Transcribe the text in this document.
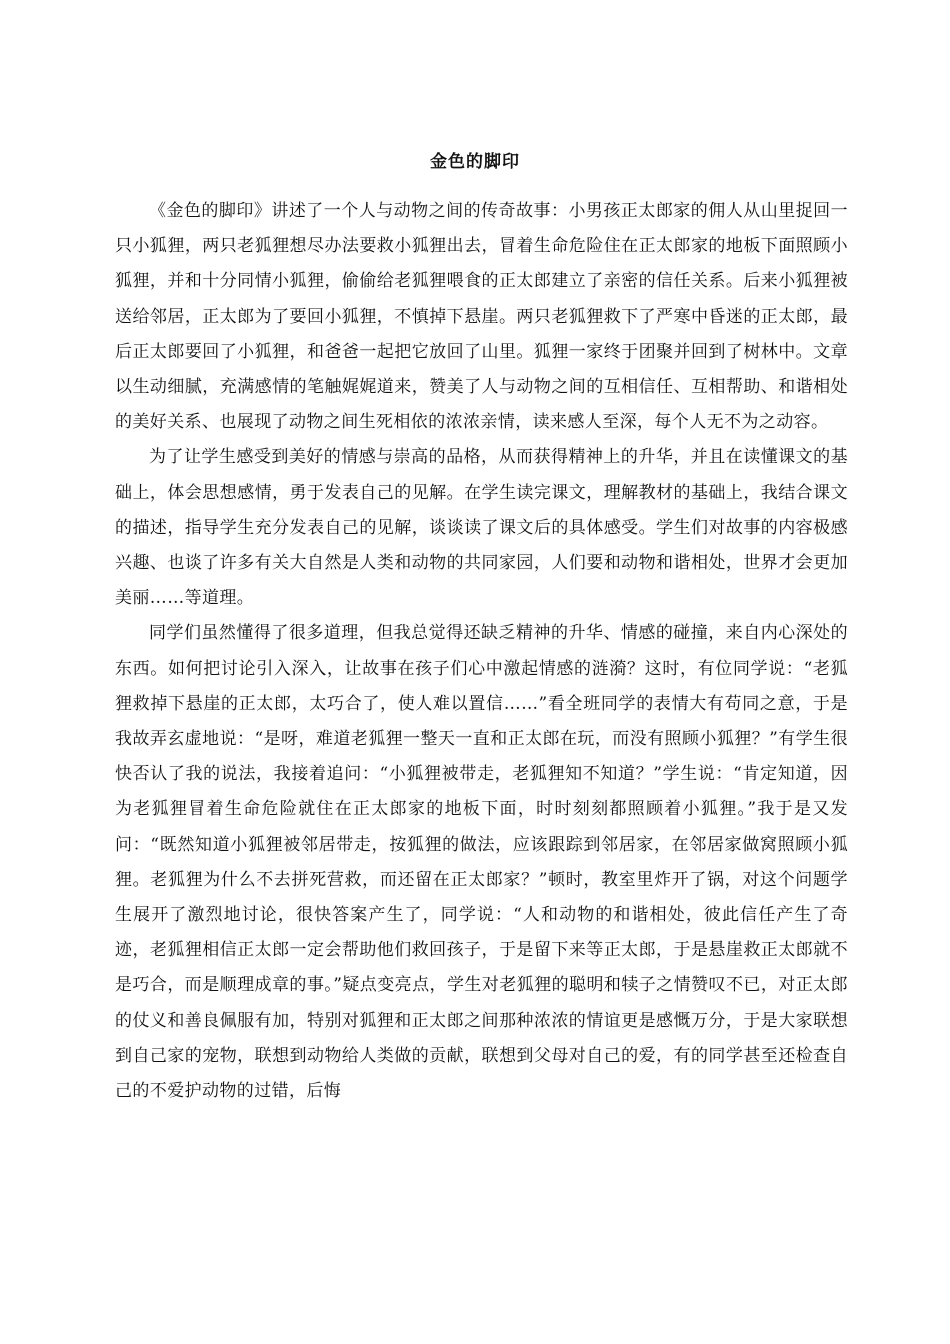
金色的脚印

《金色的脚印》讲述了一个人与动物之间的传奇故事：小男孩正太郎家的佣人从山里捉回一只小狐狸，两只老狐狸想尽办法要救小狐狸出去，冒着生命危险住在正太郎家的地板下面照顾小狐狸，并和十分同情小狐狸，偷偷给老狐狸喂食的正太郎建立了亲密的信任关系。后来小狐狸被送给邻居，正太郎为了要回小狐狸，不慎掉下悬崖。两只老狐狸救下了严寒中昏迷的正太郎，最后正太郎要回了小狐狸，和爸爸一起把它放回了山里。狐狸一家终于团聚并回到了树林中。文章以生动细腻，充满感情的笔触娓娓道来，赞美了人与动物之间的互相信任、互相帮助、和谐相处的美好关系、也展现了动物之间生死相依的浓浓亲情，读来感人至深，每个人无不为之动容。

为了让学生感受到美好的情感与崇高的品格，从而获得精神上的升华，并且在读懂课文的基础上，体会思想感情，勇于发表自己的见解。在学生读完课文，理解教材的基础上，我结合课文的描述，指导学生充分发表自己的见解，谈谈读了课文后的具体感受。学生们对故事的内容极感兴趣、也谈了许多有关大自然是人类和动物的共同家园，人们要和动物和谐相处，世界才会更加美丽……等道理。

同学们虽然懂得了很多道理，但我总觉得还缺乏精神的升华、情感的碰撞，来自内心深处的东西。如何把讨论引入深入，让故事在孩子们心中激起情感的涟漪？这时，有位同学说：“老狐狸救掉下悬崖的正太郎，太巧合了，使人难以置信……”看全班同学的表情大有苟同之意，于是我故弄玄虚地说：“是呀，难道老狐狸一整天一直和正太郎在玩，而没有照顾小狐狸？”有学生很快否认了我的说法，我接着追问：“小狐狸被带走，老狐狸知不知道？”学生说：“肯定知道，因为老狐狸冒着生命危险就住在正太郎家的地板下面，时时刻刻都照顾着小狐狸。”我于是又发问：“既然知道小狐狸被邻居带走，按狐狸的做法，应该跟踪到邻居家，在邻居家做窝照顾小狐狸。老狐狸为什么不去拼死营救，而还留在正太郎家？”顿时，教室里炸开了锅，对这个问题学生展开了激烈地讨论，很快答案产生了，同学说：“人和动物的和谐相处，彼此信任产生了奇迹，老狐狸相信正太郎一定会帮助他们救回孩子，于是留下来等正太郎，于是悬崖救正太郎就不是巧合，而是顺理成章的事。”疑点变亮点，学生对老狐狸的聪明和犊子之情赞叹不已，对正太郎的仗义和善良佩服有加，特别对狐狸和正太郎之间那种浓浓的情谊更是感慨万分，于是大家联想到自己家的宠物，联想到动物给人类做的贡献，联想到父母对自己的爱，有的同学甚至还检查自己的不爱护动物的过错，后悔
